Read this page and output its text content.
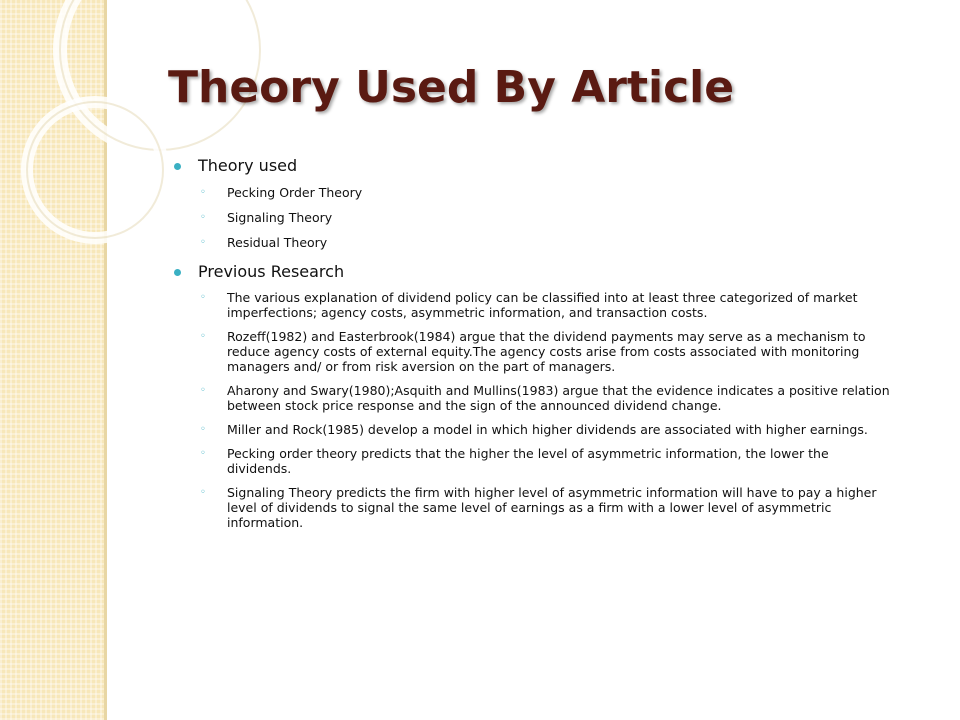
Theory Used By Article
Theory used
◦ Pecking Order Theory
◦ Signaling Theory
◦ Residual Theory
Previous Research
◦ The various explanation of dividend policy can be classified into at least three categorized of market imperfections; agency costs, asymmetric information, and transaction costs.
◦ Rozeff(1982) and Easterbrook(1984) argue that the dividend payments may serve as a mechanism to reduce agency costs of external equity.The agency costs arise from costs associated with monitoring managers and/ or from risk aversion on the part of managers.
◦ Aharony and Swary(1980);Asquith and Mullins(1983) argue that the evidence indicates a positive relation between stock price response and the sign of the announced dividend change.
◦ Miller and Rock(1985) develop a model in which higher dividends are associated with higher earnings.
◦ Pecking order theory predicts that the higher the level of asymmetric information, the lower the dividends.
◦ Signaling Theory predicts the firm with higher level of asymmetric information will have to pay a higher level of dividends to signal the same level of earnings as a firm with a lower level of asymmetric information.
